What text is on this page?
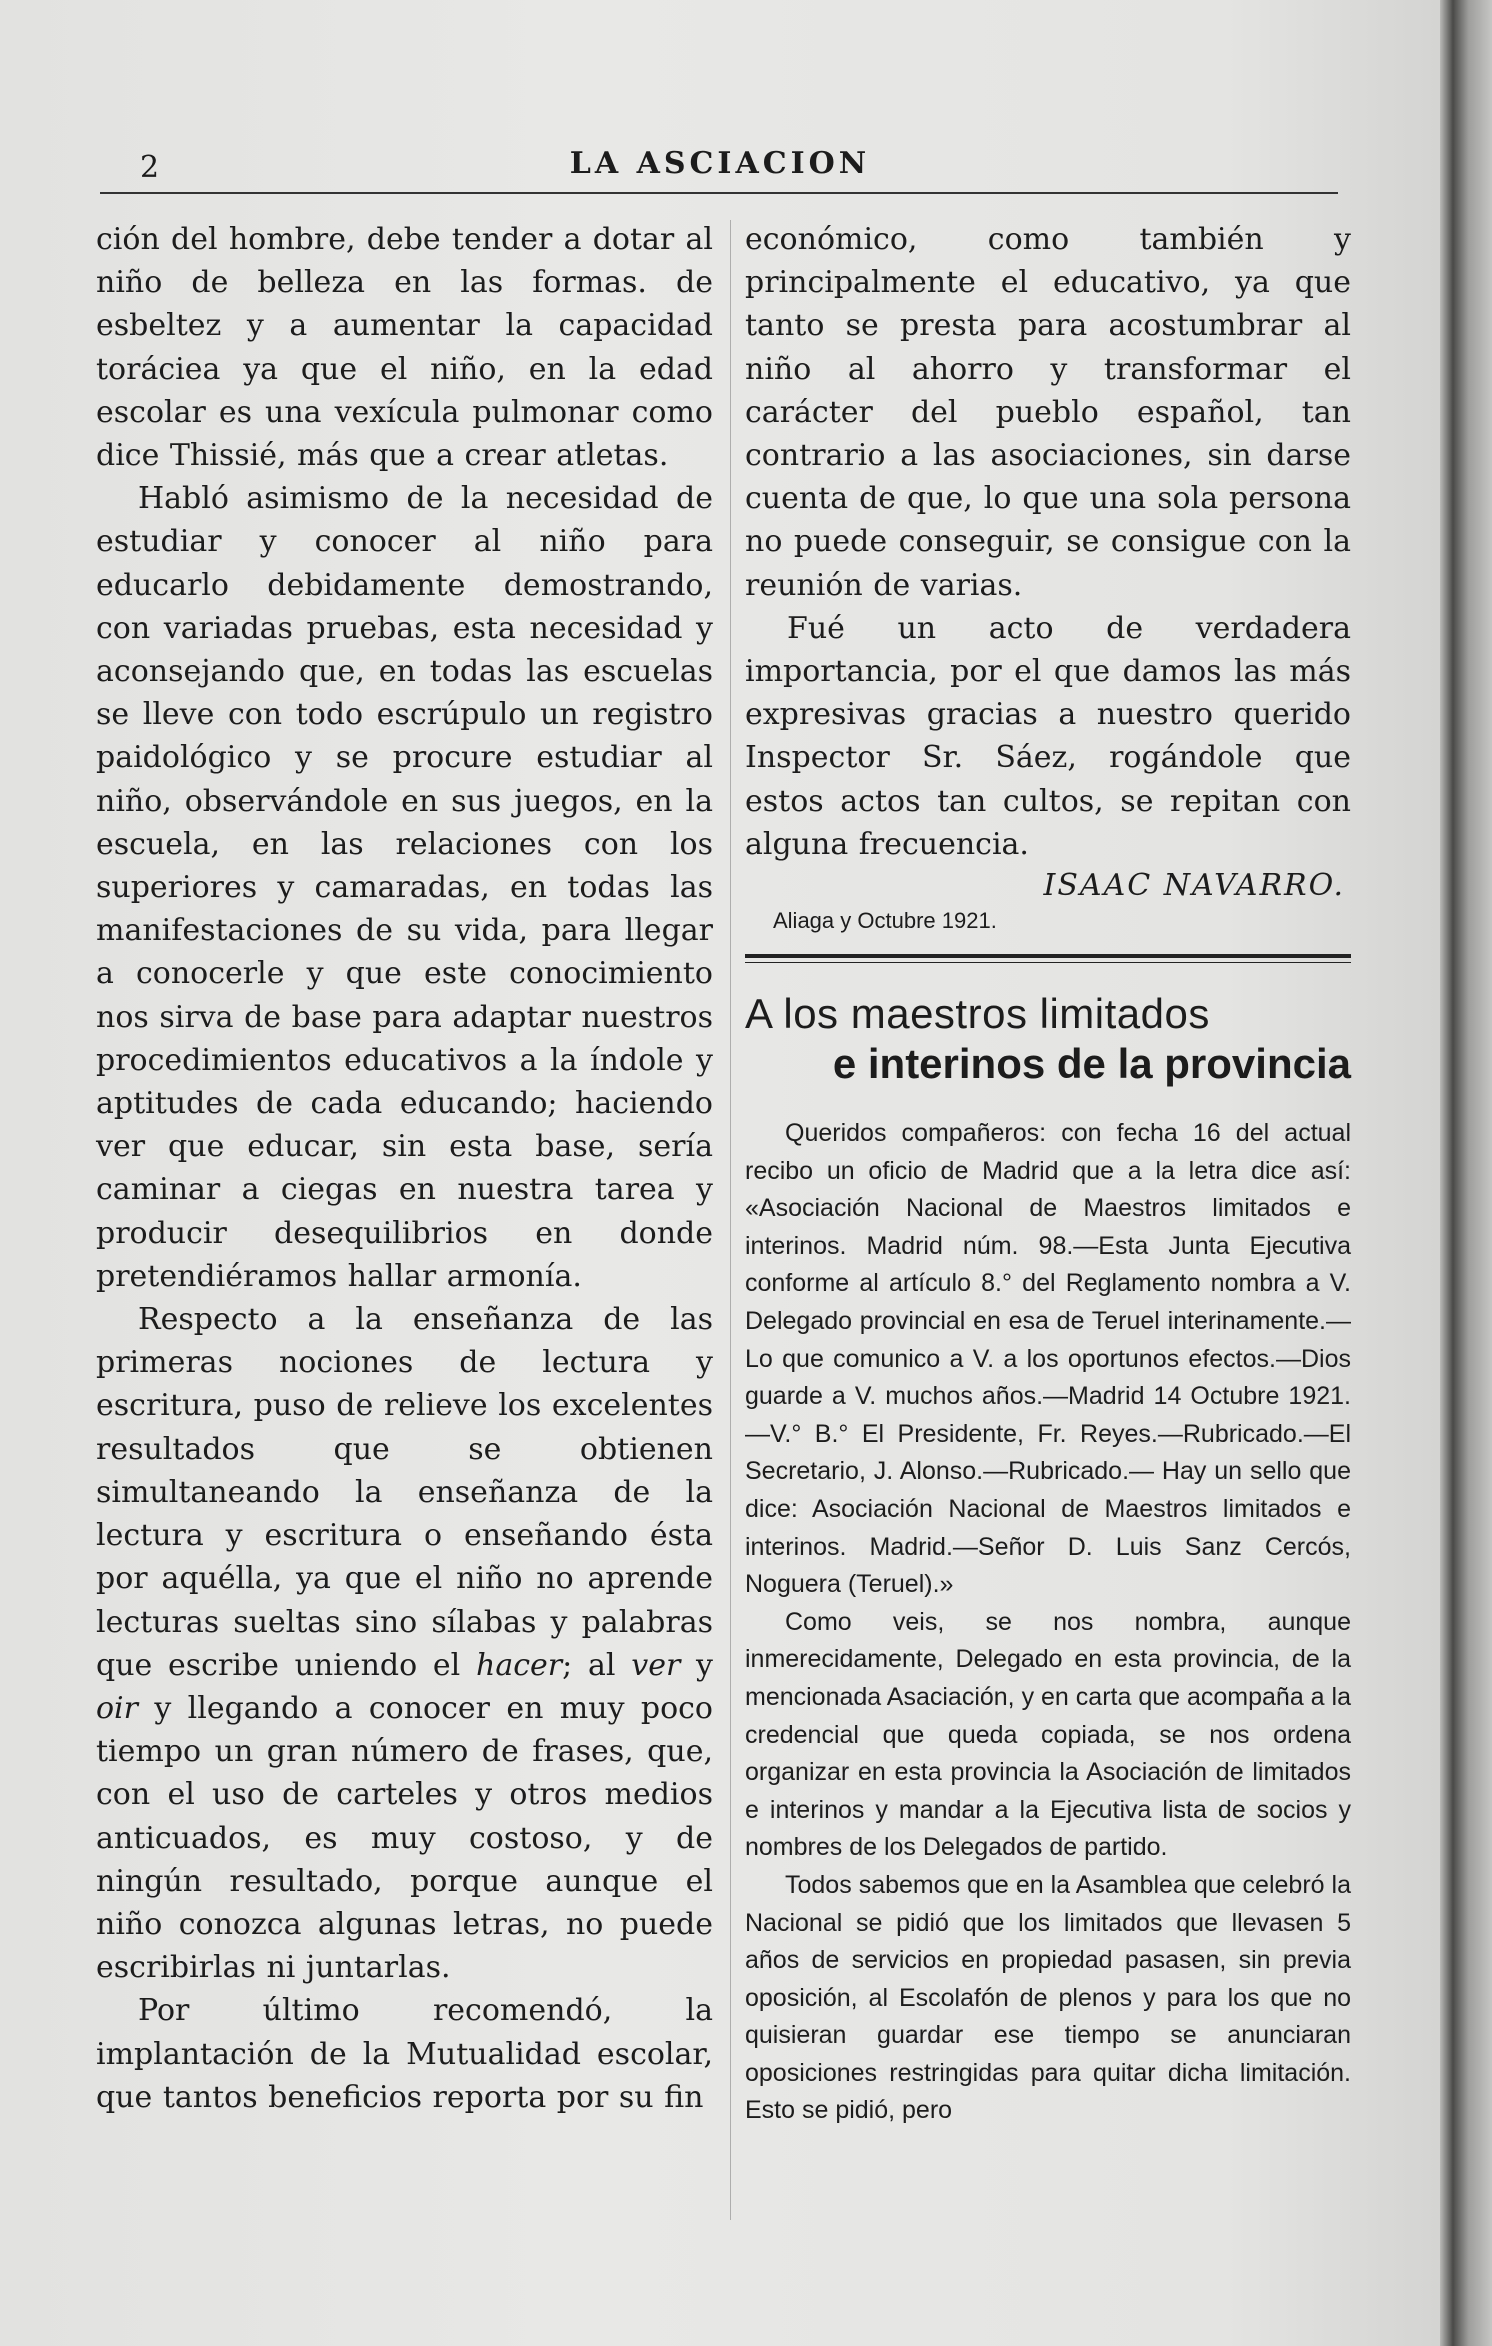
2	LA ASCIACION

ción del hombre, debe tender a dotar al niño de belleza en las formas. de esbeltez y a aumentar la capacidad toráciea ya que el niño, en la edad escolar es una vexícula pulmonar como dice Thissié, más que a crear atletas.

Habló asimismo de la necesidad de estudiar y conocer al niño para educarlo debidamente demostrando, con variadas pruebas, esta necesidad y aconsejando que, en todas las escuelas se lleve con todo escrúpulo un registro paidológico y se procure estudiar al niño, observándole en sus juegos, en la escuela, en las relaciones con los superiores y camaradas, en todas las manifestaciones de su vida, para llegar a conocerle y que este conocimiento nos sirva de base para adaptar nuestros procedimientos educativos a la índole y aptitudes de cada educando; haciendo ver que educar, sin esta base, sería caminar a ciegas en nuestra tarea y producir desequilibrios en donde pretendiéramos hallar armonía.

Respecto a la enseñanza de las primeras nociones de lectura y escritura, puso de relieve los excelentes resultados que se obtienen simultaneando la enseñanza de la lectura y escritura o enseñando ésta por aquélla, ya que el niño no aprende lecturas sueltas sino sílabas y palabras que escribe uniendo el hacer; al ver y oir y llegando a conocer en muy poco tiempo un gran número de frases, que, con el uso de carteles y otros medios anticuados, es muy costoso, y de ningún resultado, porque aunque el niño conozca algunas letras, no puede escribirlas ni juntarlas.

Por último recomendó, la implantación de la Mutualidad escolar, que tantos beneficios reporta por su fin

económico, como también y principalmente el educativo, ya que tanto se presta para acostumbrar al niño al ahorro y transformar el carácter del pueblo español, tan contrario a las asociaciones, sin darse cuenta de que, lo que una sola persona no puede conseguir, se consigue con la reunión de varias.

Fué un acto de verdadera importancia, por el que damos las más expresivas gracias a nuestro querido Inspector Sr. Sáez, rogándole que estos actos tan cultos, se repitan con alguna frecuencia.

ISAAC NAVARRO.

Aliaga y Octubre 1921.

A los maestros limitados
e interinos de la provincia

Queridos compañeros: con fecha 16 del actual recibo un oficio de Madrid que a la letra dice así: «Asociación Nacional de Maestros limitados e interinos. Madrid núm. 98.—Esta Junta Ejecutiva conforme al artículo 8.° del Reglamento nombra a V. Delegado provincial en esa de Teruel interinamente.—Lo que comunico a V. a los oportunos efectos.—Dios guarde a V. muchos años.—Madrid 14 Octubre 1921. —V.° B.° El Presidente, Fr. Reyes.—Rubricado.—El Secretario, J. Alonso.—Rubricado.— Hay un sello que dice: Asociación Nacional de Maestros limitados e interinos. Madrid.—Señor D. Luis Sanz Cercós, Noguera (Teruel).»

Como veis, se nos nombra, aunque inmerecidamente, Delegado en esta provincia, de la mencionada Asaciación, y en carta que acompaña a la credencial que queda copiada, se nos ordena organizar en esta provincia la Asociación de limitados e interinos y mandar a la Ejecutiva lista de socios y nombres de los Delegados de partido.

Todos sabemos que en la Asamblea que celebró la Nacional se pidió que los limitados que llevasen 5 años de servicios en propiedad pasasen, sin previa oposición, al Escolafón de plenos y para los que no quisieran guardar ese tiempo se anunciaran oposiciones restringidas para quitar dicha limitación. Esto se pidió, pero
